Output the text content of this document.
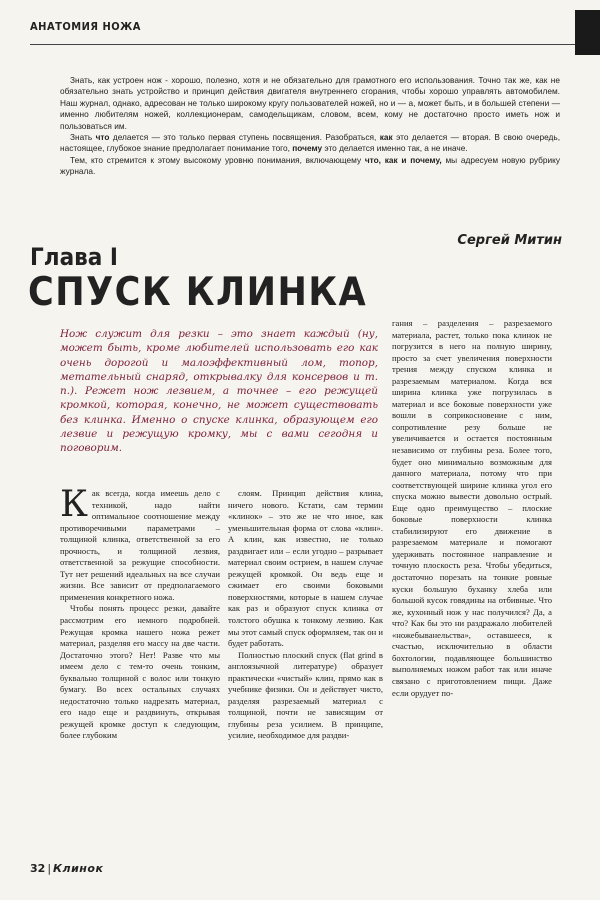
АНАТОМИЯ НОЖА

Знать, как устроен нож - хорошо, полезно, хотя и не обязательно для грамотного его использования. Точно так же, как не обязательно знать устройство и принцип действия двигателя внутреннего сгорания, чтобы хорошо управлять автомобилем. Наш журнал, однако, адресован не только широкому кругу пользователей ножей, но и — а, может быть, и в большей степени — именно любителям ножей, коллекционерам, самодельщикам, словом, всем, кому не достаточно просто иметь нож и пользоваться им.

Знать что делается — это только первая ступень посвящения. Разобраться, как это делается — вторая. В свою очередь, настоящее, глубокое знание предполагает понимание того, почему это делается именно так, а не иначе.

Тем, кто стремится к этому высокому уровню понимания, включающему что, как и почему, мы адресуем новую рубрику журнала.

Сергей Митин
Глава I
СПУСК КЛИНКА
Нож служит для резки – это знает каждый (ну, может быть, кроме любителей использовать его как очень дорогой и малоэффективный лом, топор, метательный снаряд, открывалку для консервов и т. п.). Режет нож лезвием, а точнее – его режущей кромкой, которая, конечно, не может существовать без клинка. Именно о спуске клинка, образующем его лезвие и режущую кромку, мы с вами сегодня и поговорим.

Как всегда, когда имеешь дело с техникой, надо найти оптимальное соотношение между противоречивыми параметрами – толщиной клинка, ответственной за его прочность, и толщиной лезвия, ответственной за режущие способности. Тут нет решений идеальных на все случаи жизни. Все зависит от предполагаемого применения конкретного ножа.

Чтобы понять процесс резки, давайте рассмотрим его немного подробней. Режущая кромка нашего ножа режет материал, разделяя его массу на две части. Достаточно этого? Нет! Разве что мы имеем дело с тем-то очень тонким, буквально толщиной с волос или тонкую бумагу. Во всех остальных случаях недостаточно только надрезать материал, его надо еще и раздвинуть, открывая режущей кромке доступ к следующим, более глубоким

слоям. Принцип действия клина, ничего нового. Кстати, сам термин «клинок» – это же не что иное, как уменьшительная форма от слова «клин». А клин, как известно, не только раздвигает или – если угодно – разрывает материал своим острием, в нашем случае режущей кромкой. Он ведь еще и сжимает его своими боковыми поверхностями, которые в нашем случае как раз и образуют спуск клинка от толстого обушка к тонкому лезвию. Как мы этот самый спуск оформляем, так он и будет работать.

Полностью плоский спуск (flat grind в англоязычной литературе) образует практически «чистый» клин, прямо как в учебнике физики. Он и действует чисто, разделяя разрезаемый материал с толщиной, почти не зависящим от глубины реза усилием. В принципе, усилие, необходимое для раздви-

гания – разделения – разрезаемого материала, растет, только пока клинок не погрузится в него на полную ширину, просто за счет увеличения поверхности трения между спуском клинка и разрезаемым материалом. Когда вся ширина клинка уже погрузилась в материал и все боковые поверхности уже вошли в соприкосновение с ним, сопротивление резу больше не увеличивается и остается постоянным независимо от глубины реза. Более того, будет оно минимально возможным для данного материала, потому что при соответствующей ширине клинка угол его спуска можно вывести довольно острый. Еще одно преимущество – плоские боковые поверхности клинка стабилизируют его движение в разрезаемом материале и помогают удерживать постоянное направление и точную плоскость реза. Чтобы убедиться, достаточно порезать на тонкие ровные куски большую буханку хлеба или большой кусок говядины на отбивные. Что же, кухонный нож у нас получился? Да, а что? Как бы это ни раздражало любителей «ножебыванельства», оставшееся, к счастью, исключительно в области бохтологии, подавляющее большинство выполняемых ножом работ так или иначе связано с приготовлением пищи. Даже если орудует по-

32 | Клинок
